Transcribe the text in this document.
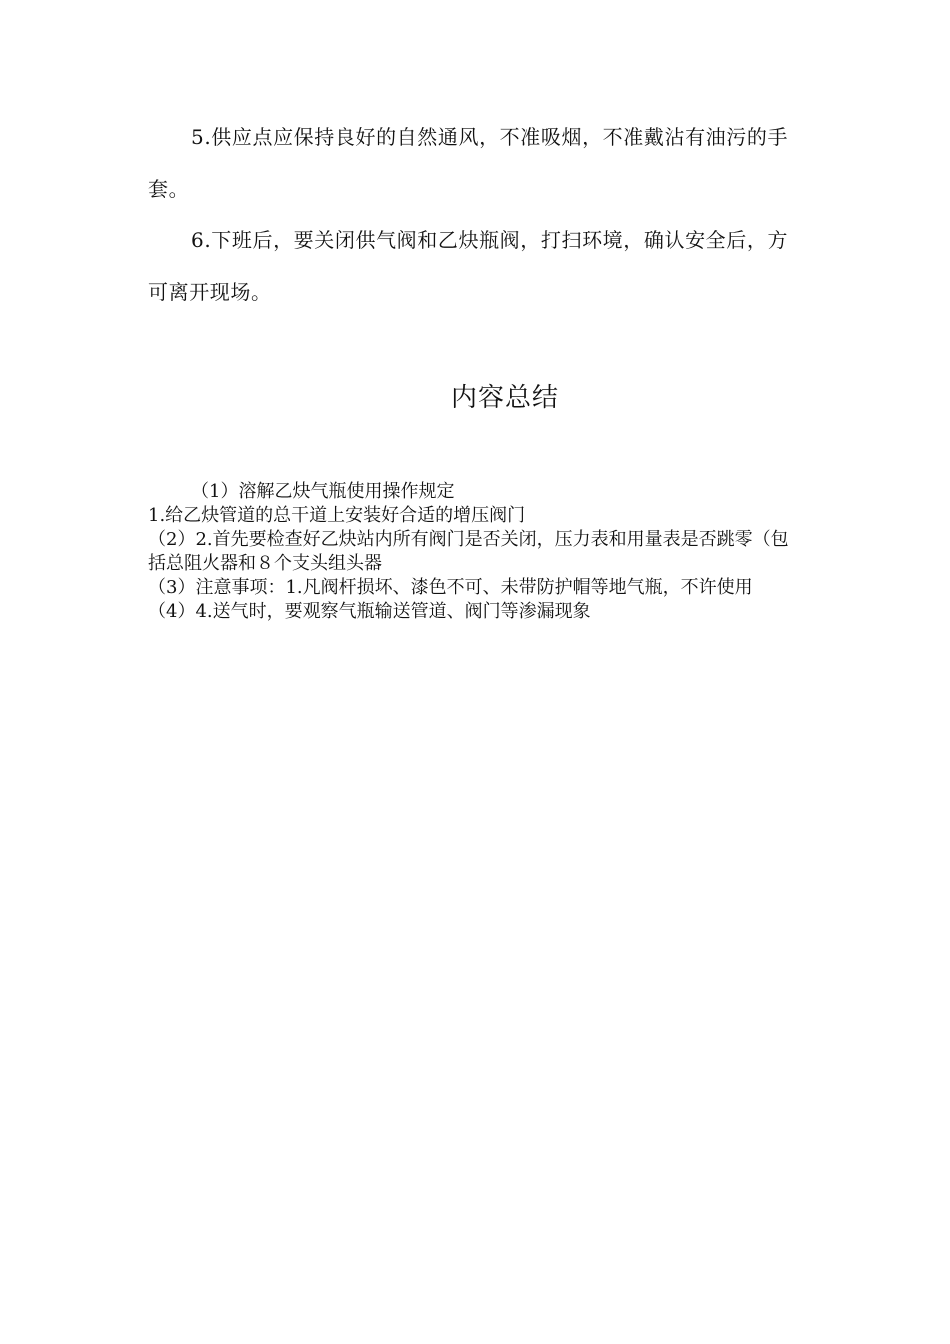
5.供应点应保持良好的自然通风，不准吸烟，不准戴沾有油污的手套。

6.下班后，要关闭供气阀和乙炔瓶阀，打扫环境，确认安全后，方可离开现场。

内容总结
（1）溶解乙炔气瓶使用操作规定
1.给乙炔管道的总干道上安装好合适的增压阀门
（2）2.首先要检查好乙炔站内所有阀门是否关闭，压力表和用量表是否跳零（包括总阻火器和８个支头组头器
（3）注意事项：1.凡阀杆损坏、漆色不可、未带防护帽等地气瓶，不许使用
（4）4.送气时，要观察气瓶输送管道、阀门等渗漏现象
